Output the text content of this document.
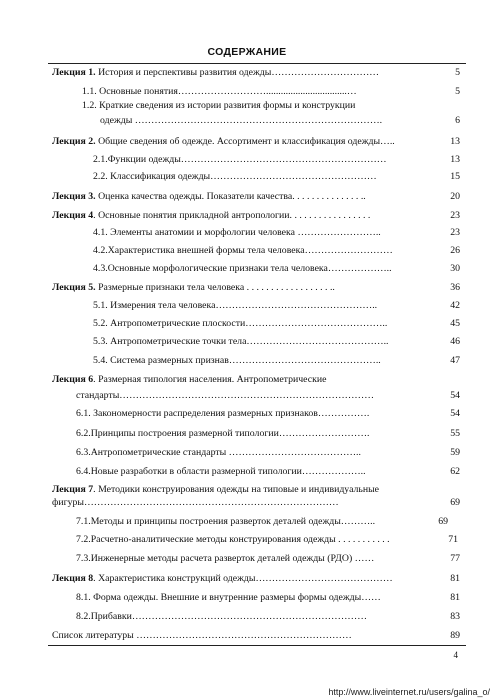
СОДЕРЖАНИЕ
Лекция 1. История и перспективы развития одежды……………………………	5
1.1. Основные понятия……………………….................................…	5
1.2. Краткие сведения из истории развития формы и конструкции
одежды ………………………………………………………………….	6
Лекция 2. Общие сведения об одежде. Ассортимент и классификация одежды…..	13
2.1.Функции одежды………………………………………………………	13
2.2. Классификация одежды……………………………………………	15
Лекция 3. Оценка качества одежды. Показатели качества. . . . . . . . . . . . . . ..	20
Лекция 4. Основные понятия прикладной антропологии. . . . . . . . . . . . . . . . .	23
4.1. Элементы анатомии и морфологии человека ……………………..	23
4.2.Характеристика внешней формы тела человека………………………	26
4.3.Основные морфологические признаки тела человека………………..	30
Лекция 5. Размерные признаки тела человека . . . . . . . . . . . . . . . . . ..	36
5.1. Измерения тела человека…………………………………………..	42
5.2. Антропометрические плоскости……………………………………..	45
5.3. Антропометрические точки тела……………………………………..	46
5.4. Система размерных признав………………………………………..	47
Лекция 6. Размерная типология населения. Антропометрические
стандарты……………………………………………………………………	54
6.1. Закономерности распределения размерных признаков…………….	54
6.2.Принципы построения размерной типологии……………………….	55
6.3.Антропометрические стандарты …………………………………..	59
6.4.Новые разработки в области размерной типологии………………..	62
Лекция 7. Методики конструирования одежды на типовые и индивидуальные
фигуры……………………………………………………………………	69
7.1.Методы и принципы построения разверток деталей одежды………..	69
7.2.Расчетно-аналитические методы конструирования одежды . . . . . . . . . . .	71
7.3.Инженерные методы расчета разверток деталей одежды (РДО) ……	77
Лекция 8. Характеристика конструкций одежды……………………………………	81
8.1. Форма одежды. Внешние и внутренние размеры формы одежды……	81
8.2.Прибавки………………………………………………………………	83
Список литературы …………………………………………………………	89
4
http://www.liveinternet.ru/users/galina_o/
